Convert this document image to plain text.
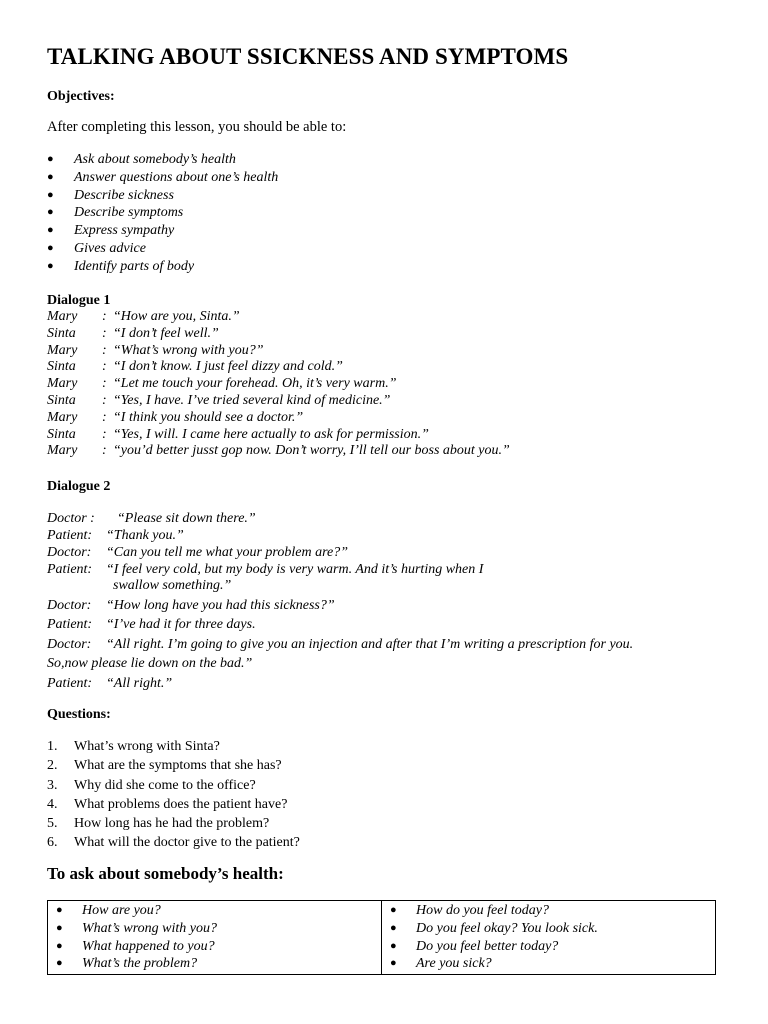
TALKING ABOUT SSICKNESS AND SYMPTOMS
Objectives:
After completing this lesson, you should be able to:
● Ask about somebody’s health
● Answer questions about one’s health
● Describe sickness
● Describe symptoms
● Express sympathy
● Gives advice
● Identify parts of body
Dialogue 1
Mary : “How are you, Sinta.”
Sinta : “I don’t feel well.”
Mary : “What’s wrong with you?”
Sinta : “I don’t know. I just feel dizzy and cold.”
Mary : “Let me touch your forehead. Oh, it’s very warm.”
Sinta : “Yes, I have. I’ve tried several kind of medicine.”
Mary : “I think you should see a doctor.”
Sinta : “Yes, I will. I came here actually to ask for permission.”
Mary : “you’d better jusst gop now. Don’t worry, I’ll tell our boss about you.”
Dialogue 2
Doctor : “Please sit down there.”
Patient: “Thank you.”
Doctor: “Can you tell me what your problem are?”
Patient: “I feel very cold, but my body is very warm. And it’s hurting when I
swallow something.”
Doctor: “How long have you had this sickness?”
Patient: “I’ve had it for three days.
Doctor: “All right. I’m going to give you an injection and after that I’m writing a prescription for you.
So,now please lie down on the bad.”
Patient: “All right.”
Questions:
1. What’s wrong with Sinta?
2. What are the symptoms that she has?
3. Why did she come to the office?
4. What problems does the patient have?
5. How long has he had the problem?
6. What will the doctor give to the patient?
To ask about somebody’s health:
● How are you?
● What’s wrong with you?
● What happened to you?
● What’s the problem?

● How do you feel today?
● Do you feel okay? You look sick.
● Do you feel better today?
● Are you sick?
